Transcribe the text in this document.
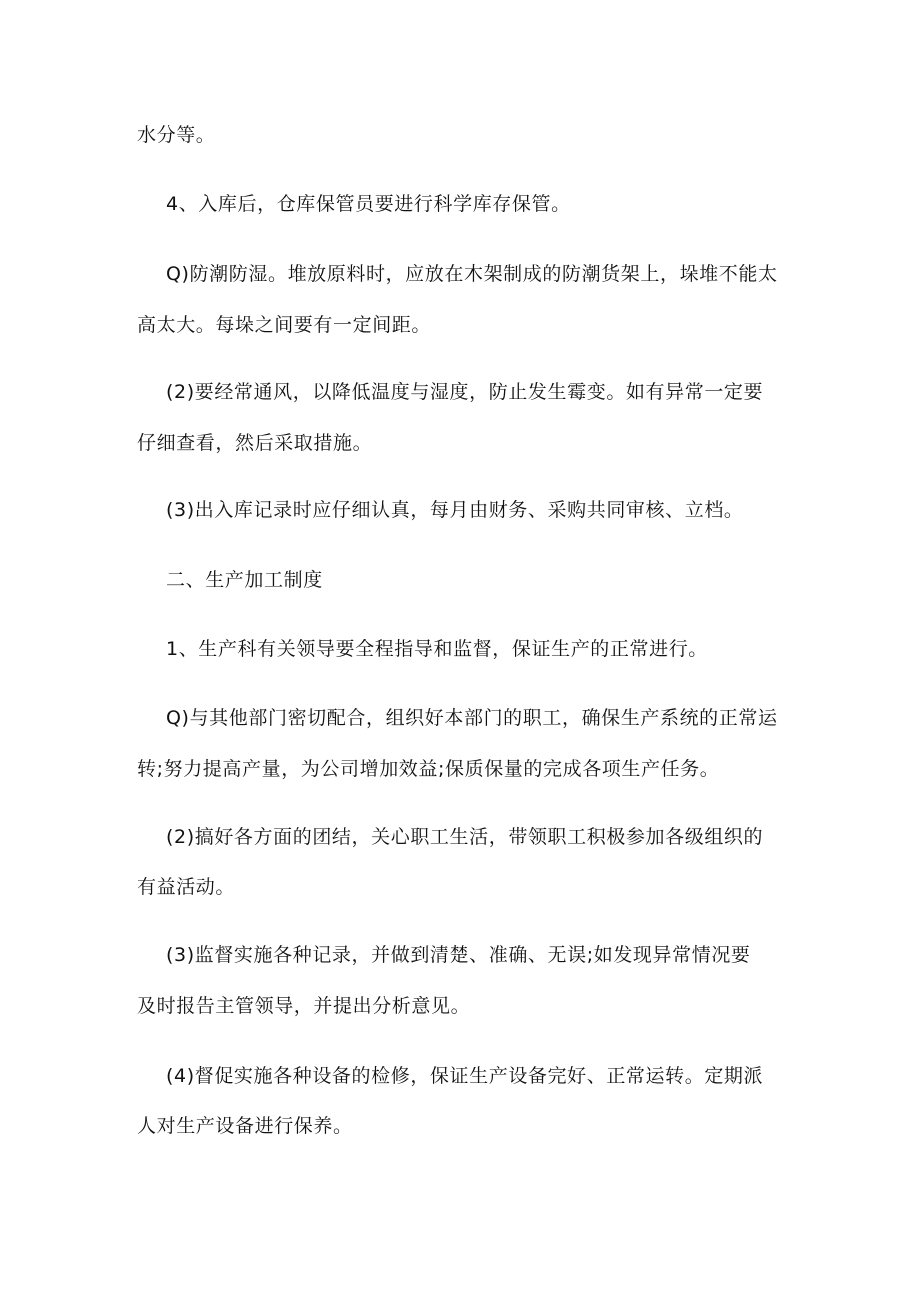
水分等。

4、入库后，仓库保管员要进行科学库存保管。

Q)防潮防湿。堆放原料时，应放在木架制成的防潮货架上，垛堆不能太

高太大。每垛之间要有一定间距。

(2)要经常通风，以降低温度与湿度，防止发生霉变。如有异常一定要

仔细查看，然后采取措施。

(3)出入库记录时应仔细认真，每月由财务、采购共同审核、立档。

二、生产加工制度

1、生产科有关领导要全程指导和监督，保证生产的正常进行。

Q)与其他部门密切配合，组织好本部门的职工，确保生产系统的正常运

转;努力提高产量，为公司增加效益;保质保量的完成各项生产任务。

(2)搞好各方面的团结，关心职工生活，带领职工积极参加各级组织的

有益活动。

(3)监督实施各种记录，并做到清楚、准确、无误;如发现异常情况要

及时报告主管领导，并提出分析意见。

(4)督促实施各种设备的检修，保证生产设备完好、正常运转。定期派

人对生产设备进行保养。
